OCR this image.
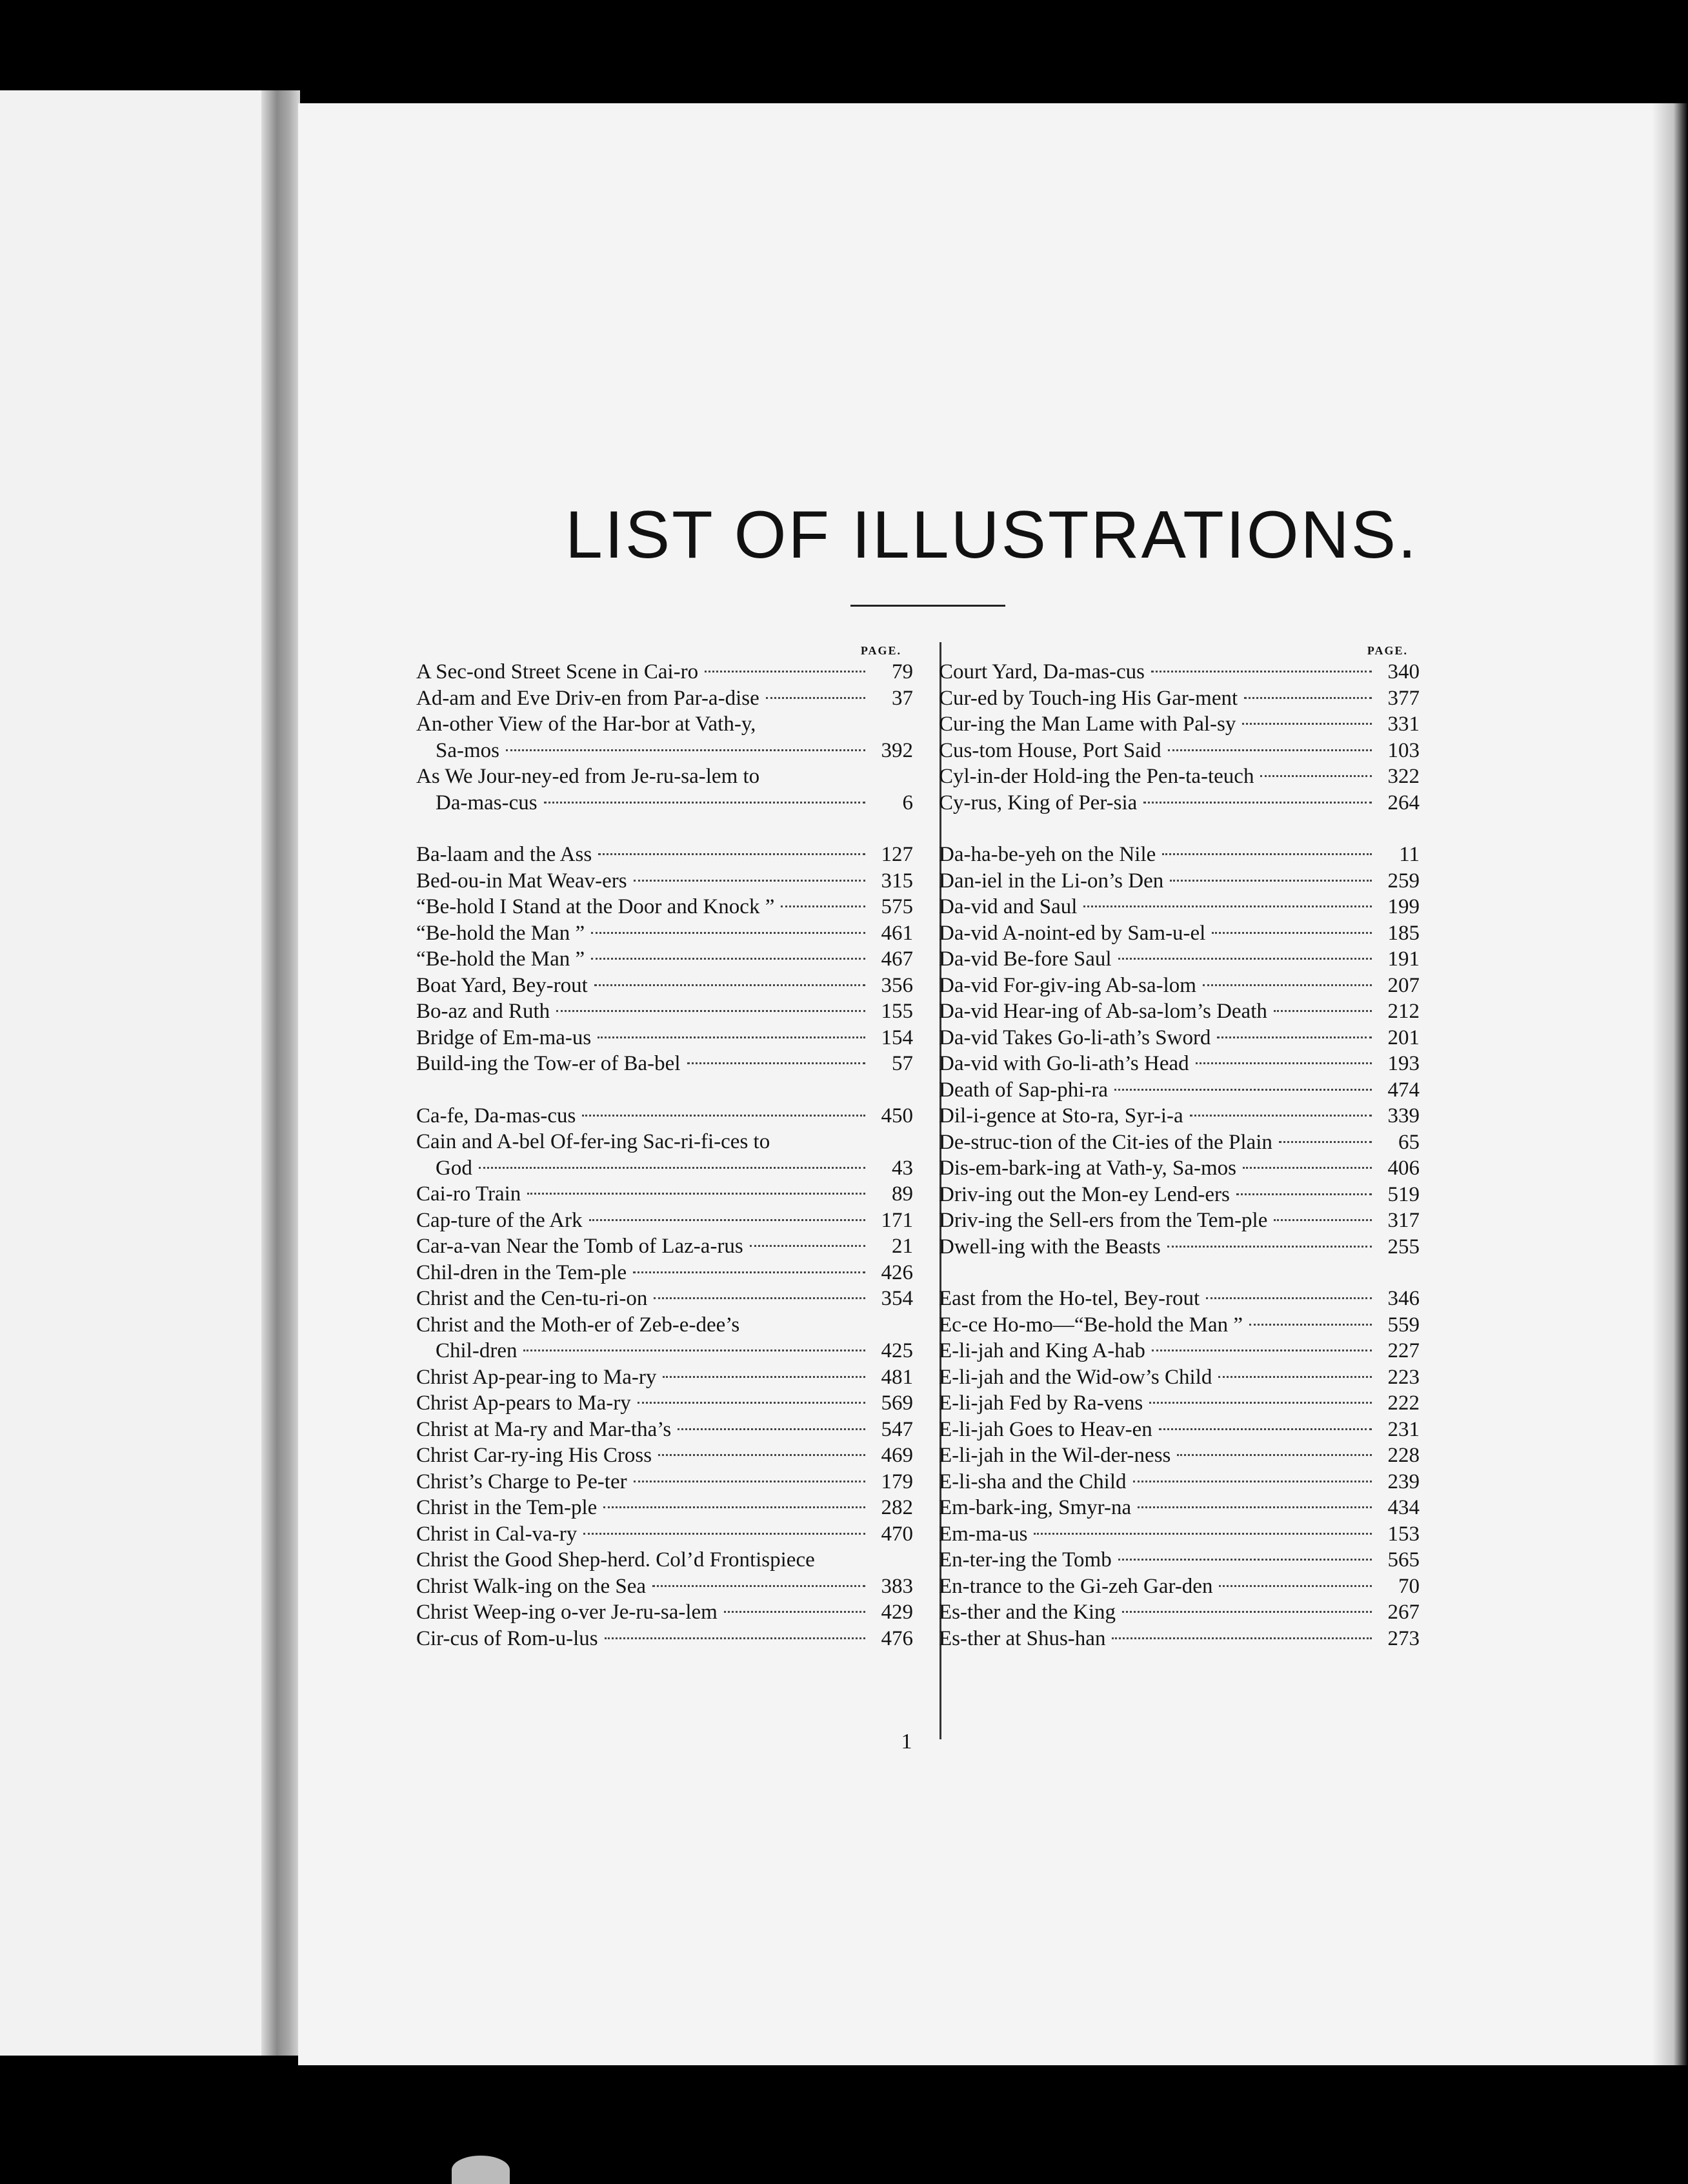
LIST OF ILLUSTRATIONS.
PAGE.
A Sec-ond Street Scene in Cai-ro	79
Ad-am and Eve Driv-en from Par-a-dise	37
An-other View of the Har-bor at Vath-y,
Sa-mos	392
As We Jour-ney-ed from Je-ru-sa-lem to
Da-mas-cus	6
Ba-laam and the Ass	127
Bed-ou-in Mat Weav-ers	315
“Be-hold I Stand at the Door and Knock ”	575
“Be-hold the Man ”	461
“Be-hold the Man ”	467
Boat Yard, Bey-rout	356
Bo-az and Ruth	155
Bridge of Em-ma-us	154
Build-ing the Tow-er of Ba-bel	57
Ca-fe, Da-mas-cus	450
Cain and A-bel Of-fer-ing Sac-ri-fi-ces to
God	43
Cai-ro Train	89
Cap-ture of the Ark	171
Car-a-van Near the Tomb of Laz-a-rus	21
Chil-dren in the Tem-ple	426
Christ and the Cen-tu-ri-on	354
Christ and the Moth-er of Zeb-e-dee’s
Chil-dren	425
Christ Ap-pear-ing to Ma-ry	481
Christ Ap-pears to Ma-ry	569
Christ at Ma-ry and Mar-tha’s	547
Christ Car-ry-ing His Cross	469
Christ’s Charge to Pe-ter	179
Christ in the Tem-ple	282
Christ in Cal-va-ry	470
Christ the Good Shep-herd. Col’d Frontispiece
Christ Walk-ing on the Sea	383
Christ Weep-ing o-ver Je-ru-sa-lem	429
Cir-cus of Rom-u-lus	476
PAGE.
Court Yard, Da-mas-cus	340
Cur-ed by Touch-ing His Gar-ment	377
Cur-ing the Man Lame with Pal-sy	331
Cus-tom House, Port Said	103
Cyl-in-der Hold-ing the Pen-ta-teuch	322
Cy-rus, King of Per-sia	264
Da-ha-be-yeh on the Nile	11
Dan-iel in the Li-on’s Den	259
Da-vid and Saul	199
Da-vid A-noint-ed by Sam-u-el	185
Da-vid Be-fore Saul	191
Da-vid For-giv-ing Ab-sa-lom	207
Da-vid Hear-ing of Ab-sa-lom’s Death	212
Da-vid Takes Go-li-ath’s Sword	201
Da-vid with Go-li-ath’s Head	193
Death of Sap-phi-ra	474
Dil-i-gence at Sto-ra, Syr-i-a	339
De-struc-tion of the Cit-ies of the Plain	65
Dis-em-bark-ing at Vath-y, Sa-mos	406
Driv-ing out the Mon-ey Lend-ers	519
Driv-ing the Sell-ers from the Tem-ple	317
Dwell-ing with the Beasts	255
East from the Ho-tel, Bey-rout	346
Ec-ce Ho-mo—“Be-hold the Man ”	559
E-li-jah and King A-hab	227
E-li-jah and the Wid-ow’s Child	223
E-li-jah Fed by Ra-vens	222
E-li-jah Goes to Heav-en	231
E-li-jah in the Wil-der-ness	228
E-li-sha and the Child	239
Em-bark-ing, Smyr-na	434
Em-ma-us	153
En-ter-ing the Tomb	565
En-trance to the Gi-zeh Gar-den	70
Es-ther and the King	267
Es-ther at Shus-han	273
1
